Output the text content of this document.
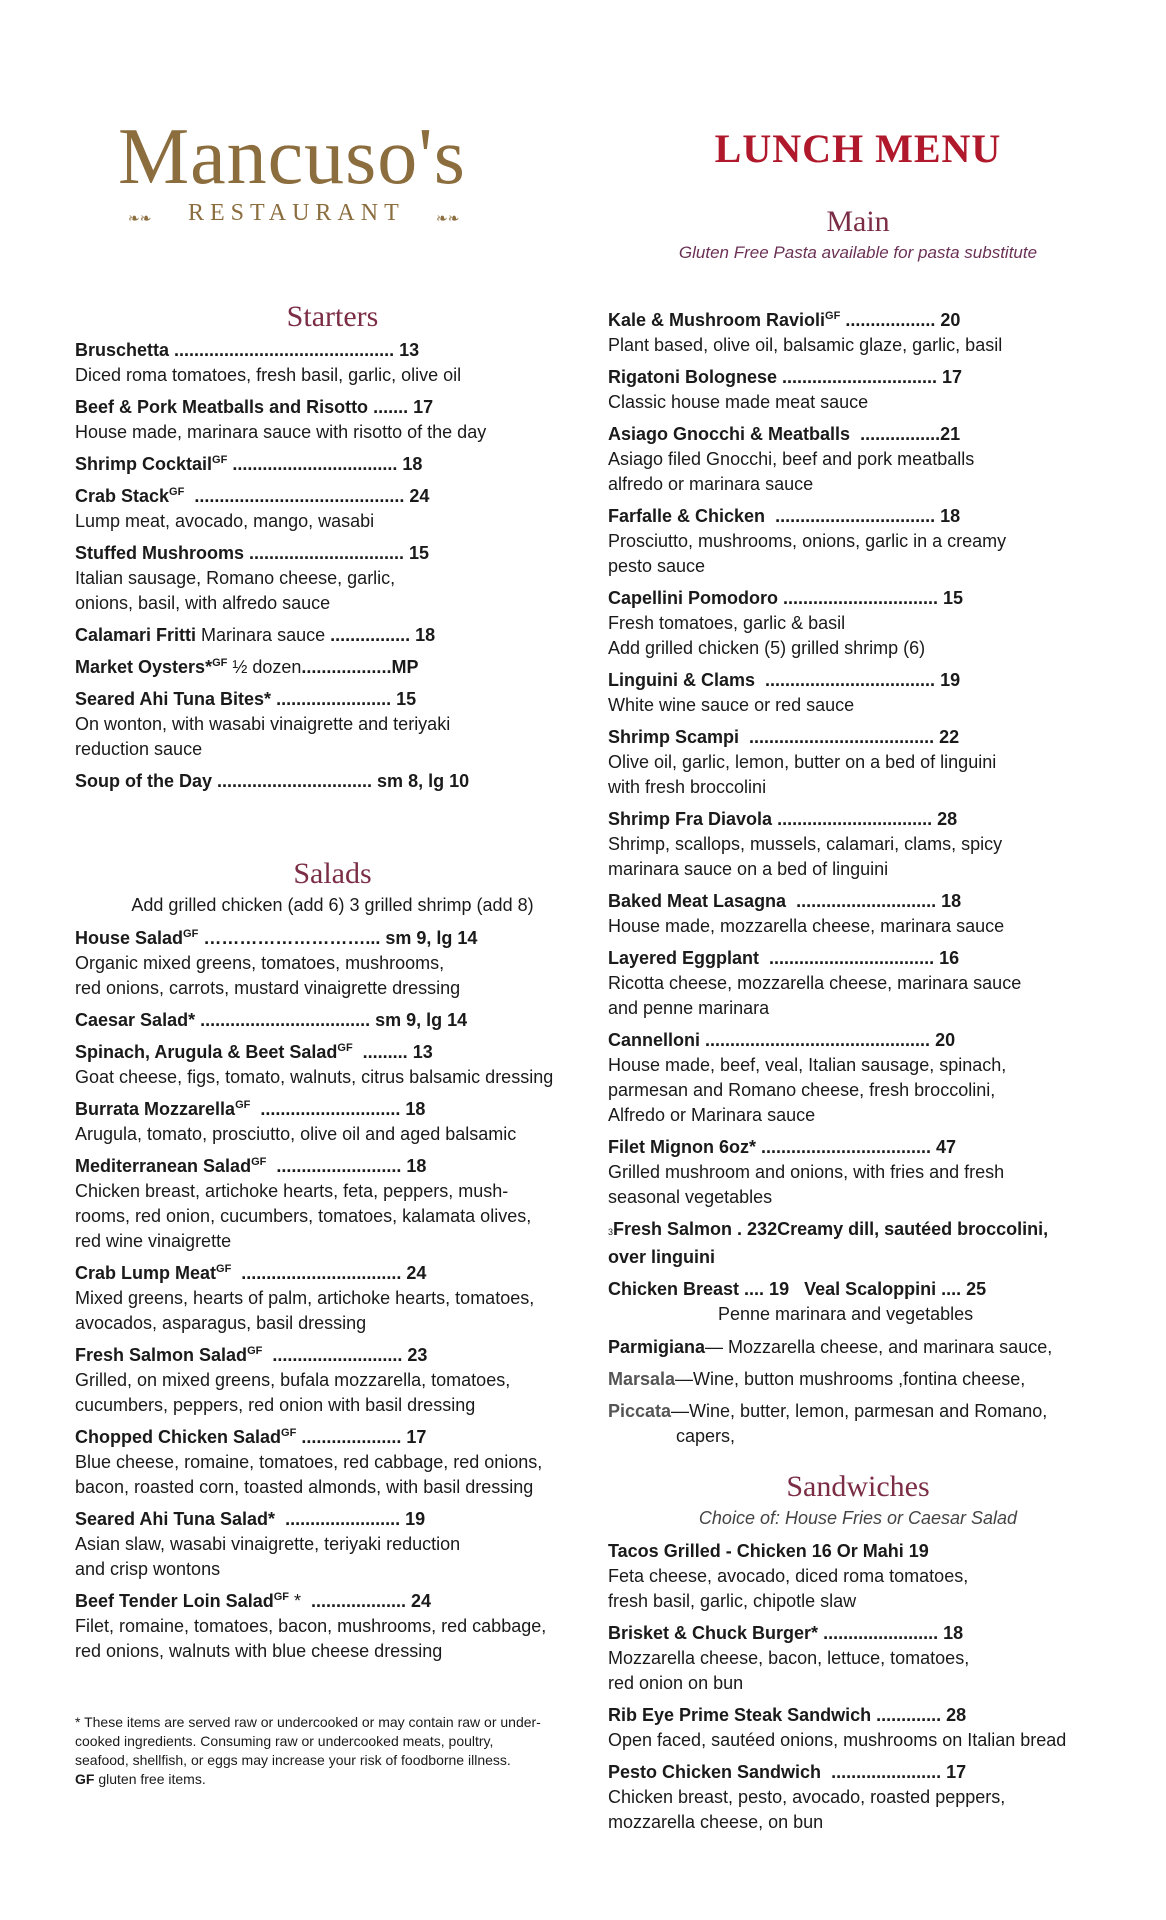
Mancuso's
❧❧ RESTAURANT ❧❧
LUNCH MENU
Main
Gluten Free Pasta available for pasta substitute
Starters
Bruschetta ............................................ 13
Diced roma tomatoes, fresh basil, garlic, olive oil
Beef & Pork Meatballs and Risotto ....... 17
House made, marinara sauce with risotto of the day
Shrimp Cocktail$^{GF}$ ................................. 18
Crab Stack$^{GF}$  .......................................... 24
Lump meat, avocado, mango, wasabi
Stuffed Mushrooms ............................... 15
Italian sausage, Romano cheese, garlic,
onions, basil, with alfredo sauce
Calamari Fritti Marinara sauce ................ 18
Market Oysters*$^{GF}$ ½ dozen..................MP
Seared Ahi Tuna Bites* ....................... 15
On wonton, with wasabi vinaigrette and teriyaki
reduction sauce
Soup of the Day ............................... sm 8, lg 10
Salads
Add grilled chicken (add 6) 3 grilled shrimp (add 8)
House Salad$^{GF}$ ………………………... sm 9, lg 14
Organic mixed greens, tomatoes, mushrooms,
red onions, carrots, mustard vinaigrette dressing
Caesar Salad* .................................. sm 9, lg 14
Spinach, Arugula & Beet Salad$^{GF}$  ......... 13
Goat cheese, figs, tomato, walnuts, citrus balsamic dressing
Burrata Mozzarella$^{GF}$  ............................ 18
Arugula, tomato, prosciutto, olive oil and aged balsamic
Mediterranean Salad$^{GF}$  ......................... 18
Chicken breast, artichoke hearts, feta, peppers, mush-
rooms, red onion, cucumbers, tomatoes, kalamata olives,
red wine vinaigrette
Crab Lump Meat$^{GF}$  ................................ 24
Mixed greens, hearts of palm, artichoke hearts, tomatoes,
avocados, asparagus, basil dressing
Fresh Salmon Salad$^{GF}$  .......................... 23
Grilled, on mixed greens, bufala mozzarella, tomatoes,
cucumbers, peppers, red onion with basil dressing
Chopped Chicken Salad$^{GF}$ .................... 17
Blue cheese, romaine, tomatoes, red cabbage, red onions,
bacon, roasted corn, toasted almonds, with basil dressing
Seared Ahi Tuna Salad*  ....................... 19
Asian slaw, wasabi vinaigrette, teriyaki reduction
and crisp wontons
Beef Tender Loin Salad$^{GF}$ *  ................... 24
Filet, romaine, tomatoes, bacon, mushrooms, red cabbage,
red onions, walnuts with blue cheese dressing
* These items are served raw or undercooked or may contain raw or under-
cooked ingredients. Consuming raw or undercooked meats, poultry,
seafood, shellfish, or eggs may increase your risk of foodborne illness.
GF gluten free items.
Kale & Mushroom Ravioli$^{GF}$ .................. 20
Plant based, olive oil, balsamic glaze, garlic, basil
Rigatoni Bolognese ............................... 17
Classic house made meat sauce
Asiago Gnocchi & Meatballs  ................21
Asiago filed Gnocchi, beef and pork meatballs
alfredo or marinara sauce
Farfalle & Chicken  ................................ 18
Prosciutto, mushrooms, onions, garlic in a creamy
pesto sauce
Capellini Pomodoro ............................... 15
Fresh tomatoes, garlic & basil
Add grilled chicken (5) grilled shrimp (6)
Linguini & Clams  .................................. 19
White wine sauce or red sauce
Shrimp Scampi  ..................................... 22
Olive oil, garlic, lemon, butter on a bed of linguini
with fresh broccolini
Shrimp Fra Diavola ............................... 28
Shrimp, scallops, mussels, calamari, clams, spicy
marinara sauce on a bed of linguini
Baked Meat Lasagna  ............................ 18
House made, mozzarella cheese, marinara sauce
Layered Eggplant  ................................. 16
Ricotta cheese, mozzarella cheese, marinara sauce
and penne marinara
Cannelloni ............................................. 20
House made, beef, veal, Italian sausage, spinach,
parmesan and Romano cheese, fresh broccolini,
Alfredo or Marinara sauce
Filet Mignon 6oz* .................................. 47
Grilled mushroom and onions, with fries and fresh
seasonal vegetables
3Fresh Salmon . 232Creamy dill, sautéed broccolini,
over linguini
Chicken Breast .... 19   Veal Scaloppini .... 25
Penne marinara and vegetables
Parmigiana— Mozzarella cheese, and marinara sauce,
Marsala—Wine, button mushrooms ,fontina cheese,
Piccata—Wine, butter, lemon, parmesan and Romano,
capers,
Sandwiches
Choice of: House Fries or Caesar Salad
Tacos Grilled - Chicken 16 Or Mahi 19
Feta cheese, avocado, diced roma tomatoes,
fresh basil, garlic, chipotle slaw
Brisket & Chuck Burger* ....................... 18
Mozzarella cheese, bacon, lettuce, tomatoes,
red onion on bun
Rib Eye Prime Steak Sandwich ............. 28
Open faced, sautéed onions, mushrooms on Italian bread
Pesto Chicken Sandwich  ...................... 17
Chicken breast, pesto, avocado, roasted peppers,
mozzarella cheese, on bun
